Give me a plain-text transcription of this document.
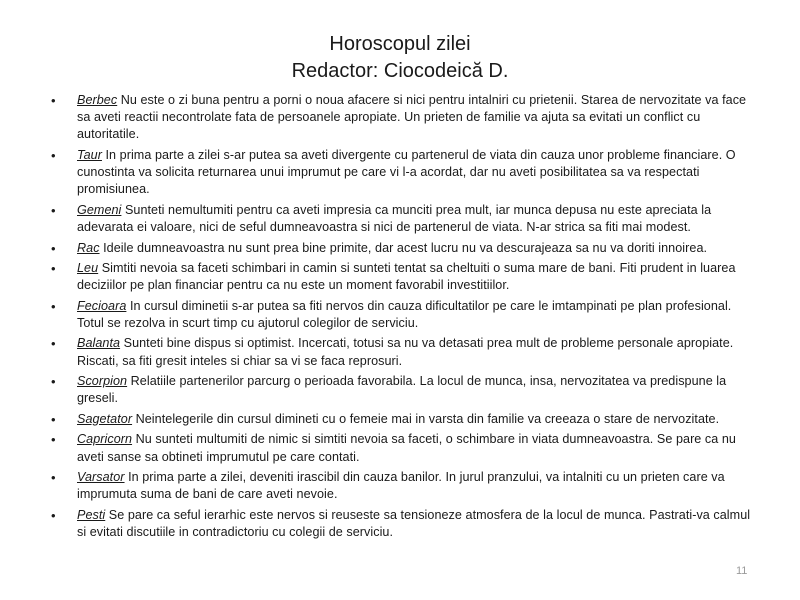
Horoscopul zilei
Redactor: Ciocodeică D.
• Berbec Nu este o zi buna pentru a porni o noua afacere si nici pentru intalniri cu prietenii. Starea de nervozitate va face sa aveti reactii necontrolate fata de persoanele apropiate. Un prieten de familie va ajuta sa evitati un conflict cu autoritatile.
• Taur In prima parte a zilei s-ar putea sa aveti divergente cu partenerul de viata din cauza unor probleme financiare. O cunostinta va solicita returnarea unui imprumut pe care vi l-a acordat, dar nu aveti posibilitatea sa va respectati promisiunea.
• Gemeni Sunteti nemultumiti pentru ca aveti impresia ca munciti prea mult, iar munca depusa nu este apreciata la adevarata ei valoare, nici de seful dumneavoastra si nici de partenerul de viata. N-ar strica sa fiti mai modest.
• Rac Ideile dumneavoastra nu sunt prea bine primite, dar acest lucru nu va descurajeaza sa nu va doriti innoirea.
• Leu Simtiti nevoia sa faceti schimbari in camin si sunteti tentat sa cheltuiti o suma mare de bani. Fiti prudent in luarea deciziilor pe plan financiar pentru ca nu este un moment favorabil investitiilor.
• Fecioara In cursul diminetii s-ar putea sa fiti nervos din cauza dificultatilor pe care le imtampinati pe plan profesional. Totul se rezolva in scurt timp cu ajutorul colegilor de serviciu.
• Balanta Sunteti bine dispus si optimist. Incercati, totusi sa nu va detasati prea mult de probleme personale apropiate. Riscati, sa fiti gresit inteles si chiar sa vi se faca reprosuri.
• Scorpion Relatiile partenerilor parcurg o perioada favorabila. La locul de munca, insa, nervozitatea va predispune la greseli.
• Sagetator Neintelegerile din cursul dimineti cu o femeie mai in varsta din familie va creeaza o stare de nervozitate.
• Capricorn Nu sunteti multumiti de nimic si simtiti nevoia sa faceti, o schimbare in viata dumneavoastra. Se pare ca nu aveti sanse sa obtineti imprumutul pe care contati.
• Varsator In prima parte a zilei, deveniti irascibil din cauza banilor. In jurul pranzului, va intalniti cu un prieten care va imprumuta suma de bani de care aveti nevoie.
• Pesti Se pare ca seful ierarhic este nervos si reuseste sa tensioneze atmosfera de la locul de munca. Pastrati-va calmul si evitati discutiile in contradictoriu cu colegii de serviciu.
11
